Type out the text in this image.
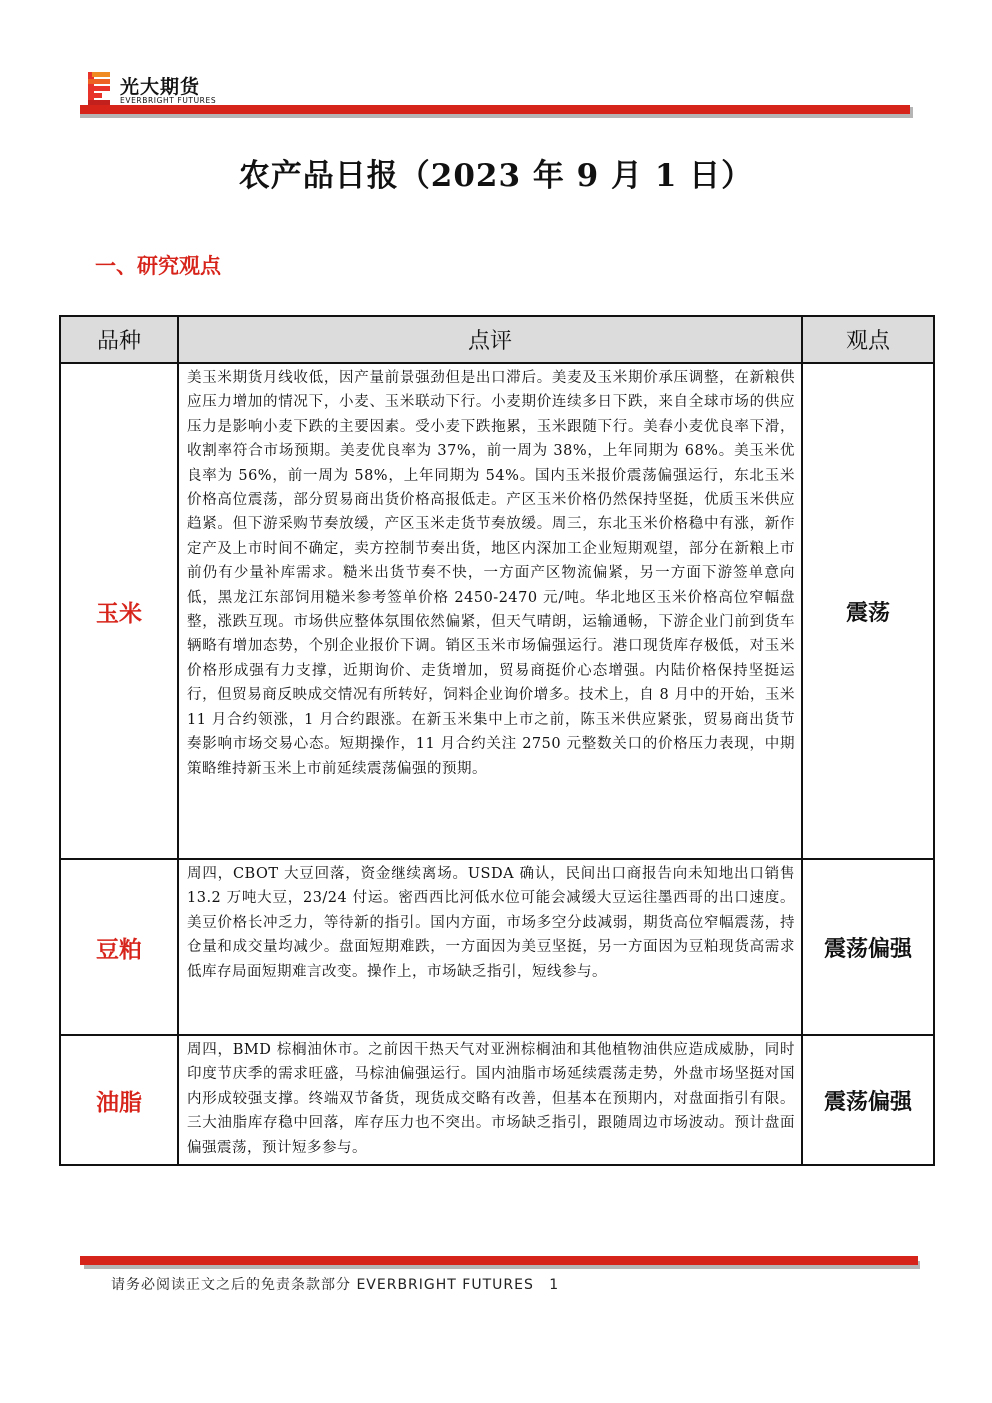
光大期货
EVERBRIGHT FUTURES
农产品日报（2023 年 9 月 1 日）
一、研究观点
品种	点评	观点
玉米	美玉米期货月线收低，因产量前景强劲但是出口滞后。美麦及玉米期价承压调整，在新粮供应压力增加的情况下，小麦、玉米联动下行。小麦期价连续多日下跌，来自全球市场的供应压力是影响小麦下跌的主要因素。受小麦下跌拖累，玉米跟随下行。美春小麦优良率下滑，收割率符合市场预期。美麦优良率为 37%，前一周为 38%，上年同期为 68%。美玉米优良率为 56%，前一周为 58%，上年同期为 54%。国内玉米报价震荡偏强运行，东北玉米价格高位震荡，部分贸易商出货价格高报低走。产区玉米价格仍然保持坚挺，优质玉米供应趋紧。但下游采购节奏放缓，产区玉米走货节奏放缓。周三，东北玉米价格稳中有涨，新作定产及上市时间不确定，卖方控制节奏出货，地区内深加工企业短期观望，部分在新粮上市前仍有少量补库需求。糙米出货节奏不快，一方面产区物流偏紧，另一方面下游签单意向低，黑龙江东部饲用糙米参考签单价格 2450-2470 元/吨。华北地区玉米价格高位窄幅盘整，涨跌互现。市场供应整体氛围依然偏紧，但天气晴朗，运输通畅，下游企业门前到货车辆略有增加态势，个别企业报价下调。销区玉米市场偏强运行。港口现货库存极低，对玉米价格形成强有力支撑，近期询价、走货增加，贸易商挺价心态增强。内陆价格保持坚挺运行，但贸易商反映成交情况有所转好，饲料企业询价增多。技术上，自 8 月中的开始，玉米 11 月合约领涨，1 月合约跟涨。在新玉米集中上市之前，陈玉米供应紧张，贸易商出货节奏影响市场交易心态。短期操作，11 月合约关注 2750 元整数关口的价格压力表现，中期策略维持新玉米上市前延续震荡偏强的预期。	震荡
豆粕	周四，CBOT 大豆回落，资金继续离场。USDA 确认，民间出口商报告向未知地出口销售 13.2 万吨大豆，23/24 付运。密西西比河低水位可能会减缓大豆运往墨西哥的出口速度。美豆价格长冲乏力，等待新的指引。国内方面，市场多空分歧减弱，期货高位窄幅震荡，持仓量和成交量均减少。盘面短期难跌，一方面因为美豆坚挺，另一方面因为豆粕现货高需求低库存局面短期难言改变。操作上，市场缺乏指引，短线参与。	震荡偏强
油脂	周四，BMD 棕榈油休市。之前因干热天气对亚洲棕榈油和其他植物油供应造成威胁，同时印度节庆季的需求旺盛，马棕油偏强运行。国内油脂市场延续震荡走势，外盘市场坚挺对国内形成较强支撑。终端双节备货，现货成交略有改善，但基本在预期内，对盘面指引有限。三大油脂库存稳中回落，库存压力也不突出。市场缺乏指引，跟随周边市场波动。预计盘面偏强震荡，预计短多参与。	震荡偏强
请务必阅读正文之后的免责条款部分 EVERBRIGHT FUTURES 1
